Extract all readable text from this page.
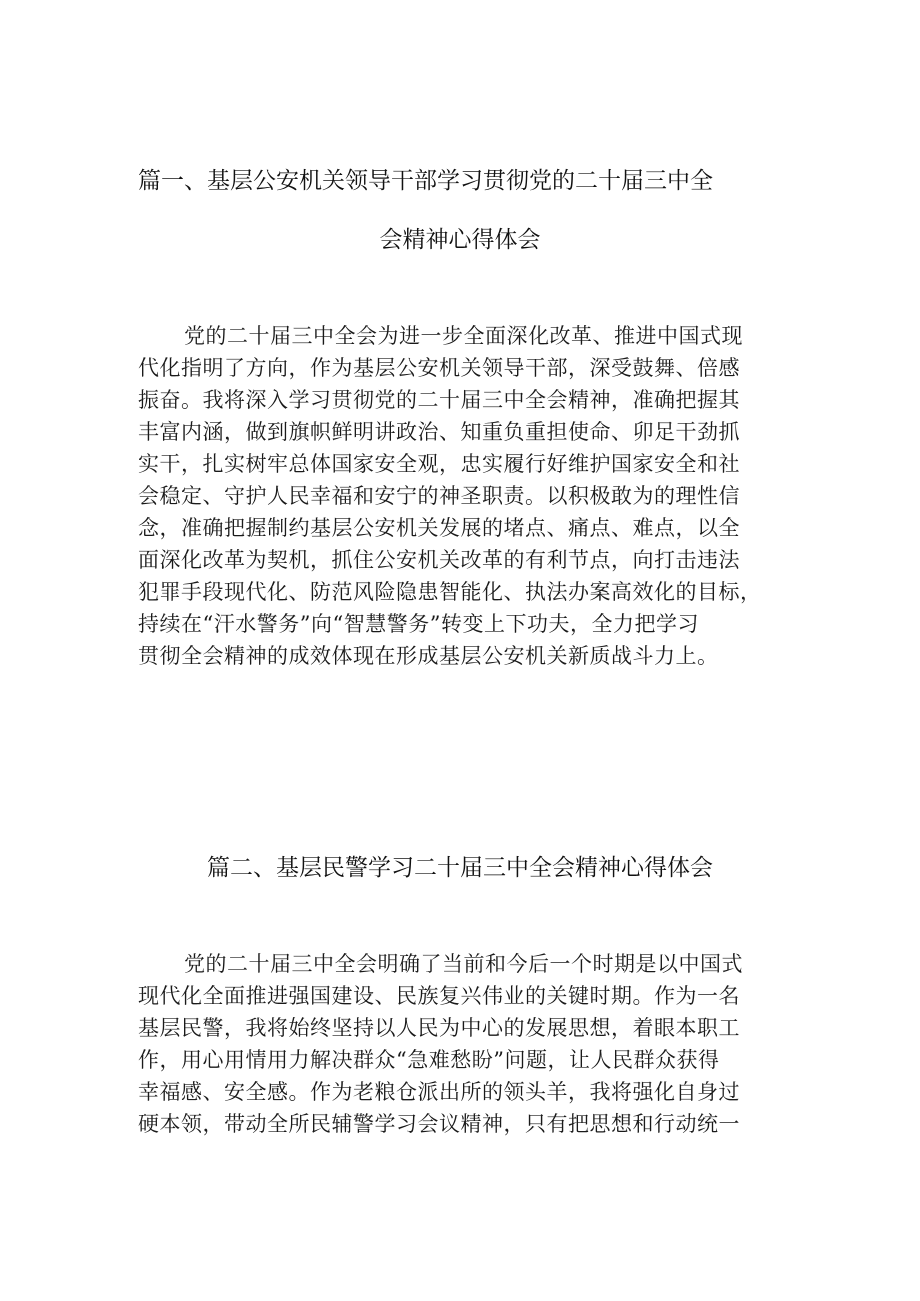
篇一、基层公安机关领导干部学习贯彻党的二十届三中全
会精神心得体会
党的二十届三中全会为进一步全面深化改革、推进中国式现
代化指明了方向，作为基层公安机关领导干部，深受鼓舞、倍感
振奋。我将深入学习贯彻党的二十届三中全会精神，准确把握其
丰富内涵，做到旗帜鲜明讲政治、知重负重担使命、卯足干劲抓
实干，扎实树牢总体国家安全观，忠实履行好维护国家安全和社
会稳定、守护人民幸福和安宁的神圣职责。以积极敢为的理性信
念，准确把握制约基层公安机关发展的堵点、痛点、难点，以全
面深化改革为契机，抓住公安机关改革的有利节点，向打击违法
犯罪手段现代化、防范风险隐患智能化、执法办案高效化的目标，
持续在“汗水警务”向“智慧警务”转变上下功夫，全力把学习
贯彻全会精神的成效体现在形成基层公安机关新质战斗力上。
篇二、基层民警学习二十届三中全会精神心得体会
党的二十届三中全会明确了当前和今后一个时期是以中国式
现代化全面推进强国建设、民族复兴伟业的关键时期。作为一名
基层民警，我将始终坚持以人民为中心的发展思想，着眼本职工
作，用心用情用力解决群众“急难愁盼”问题，让人民群众获得
幸福感、安全感。作为老粮仓派出所的领头羊，我将强化自身过
硬本领，带动全所民辅警学习会议精神，只有把思想和行动统一
